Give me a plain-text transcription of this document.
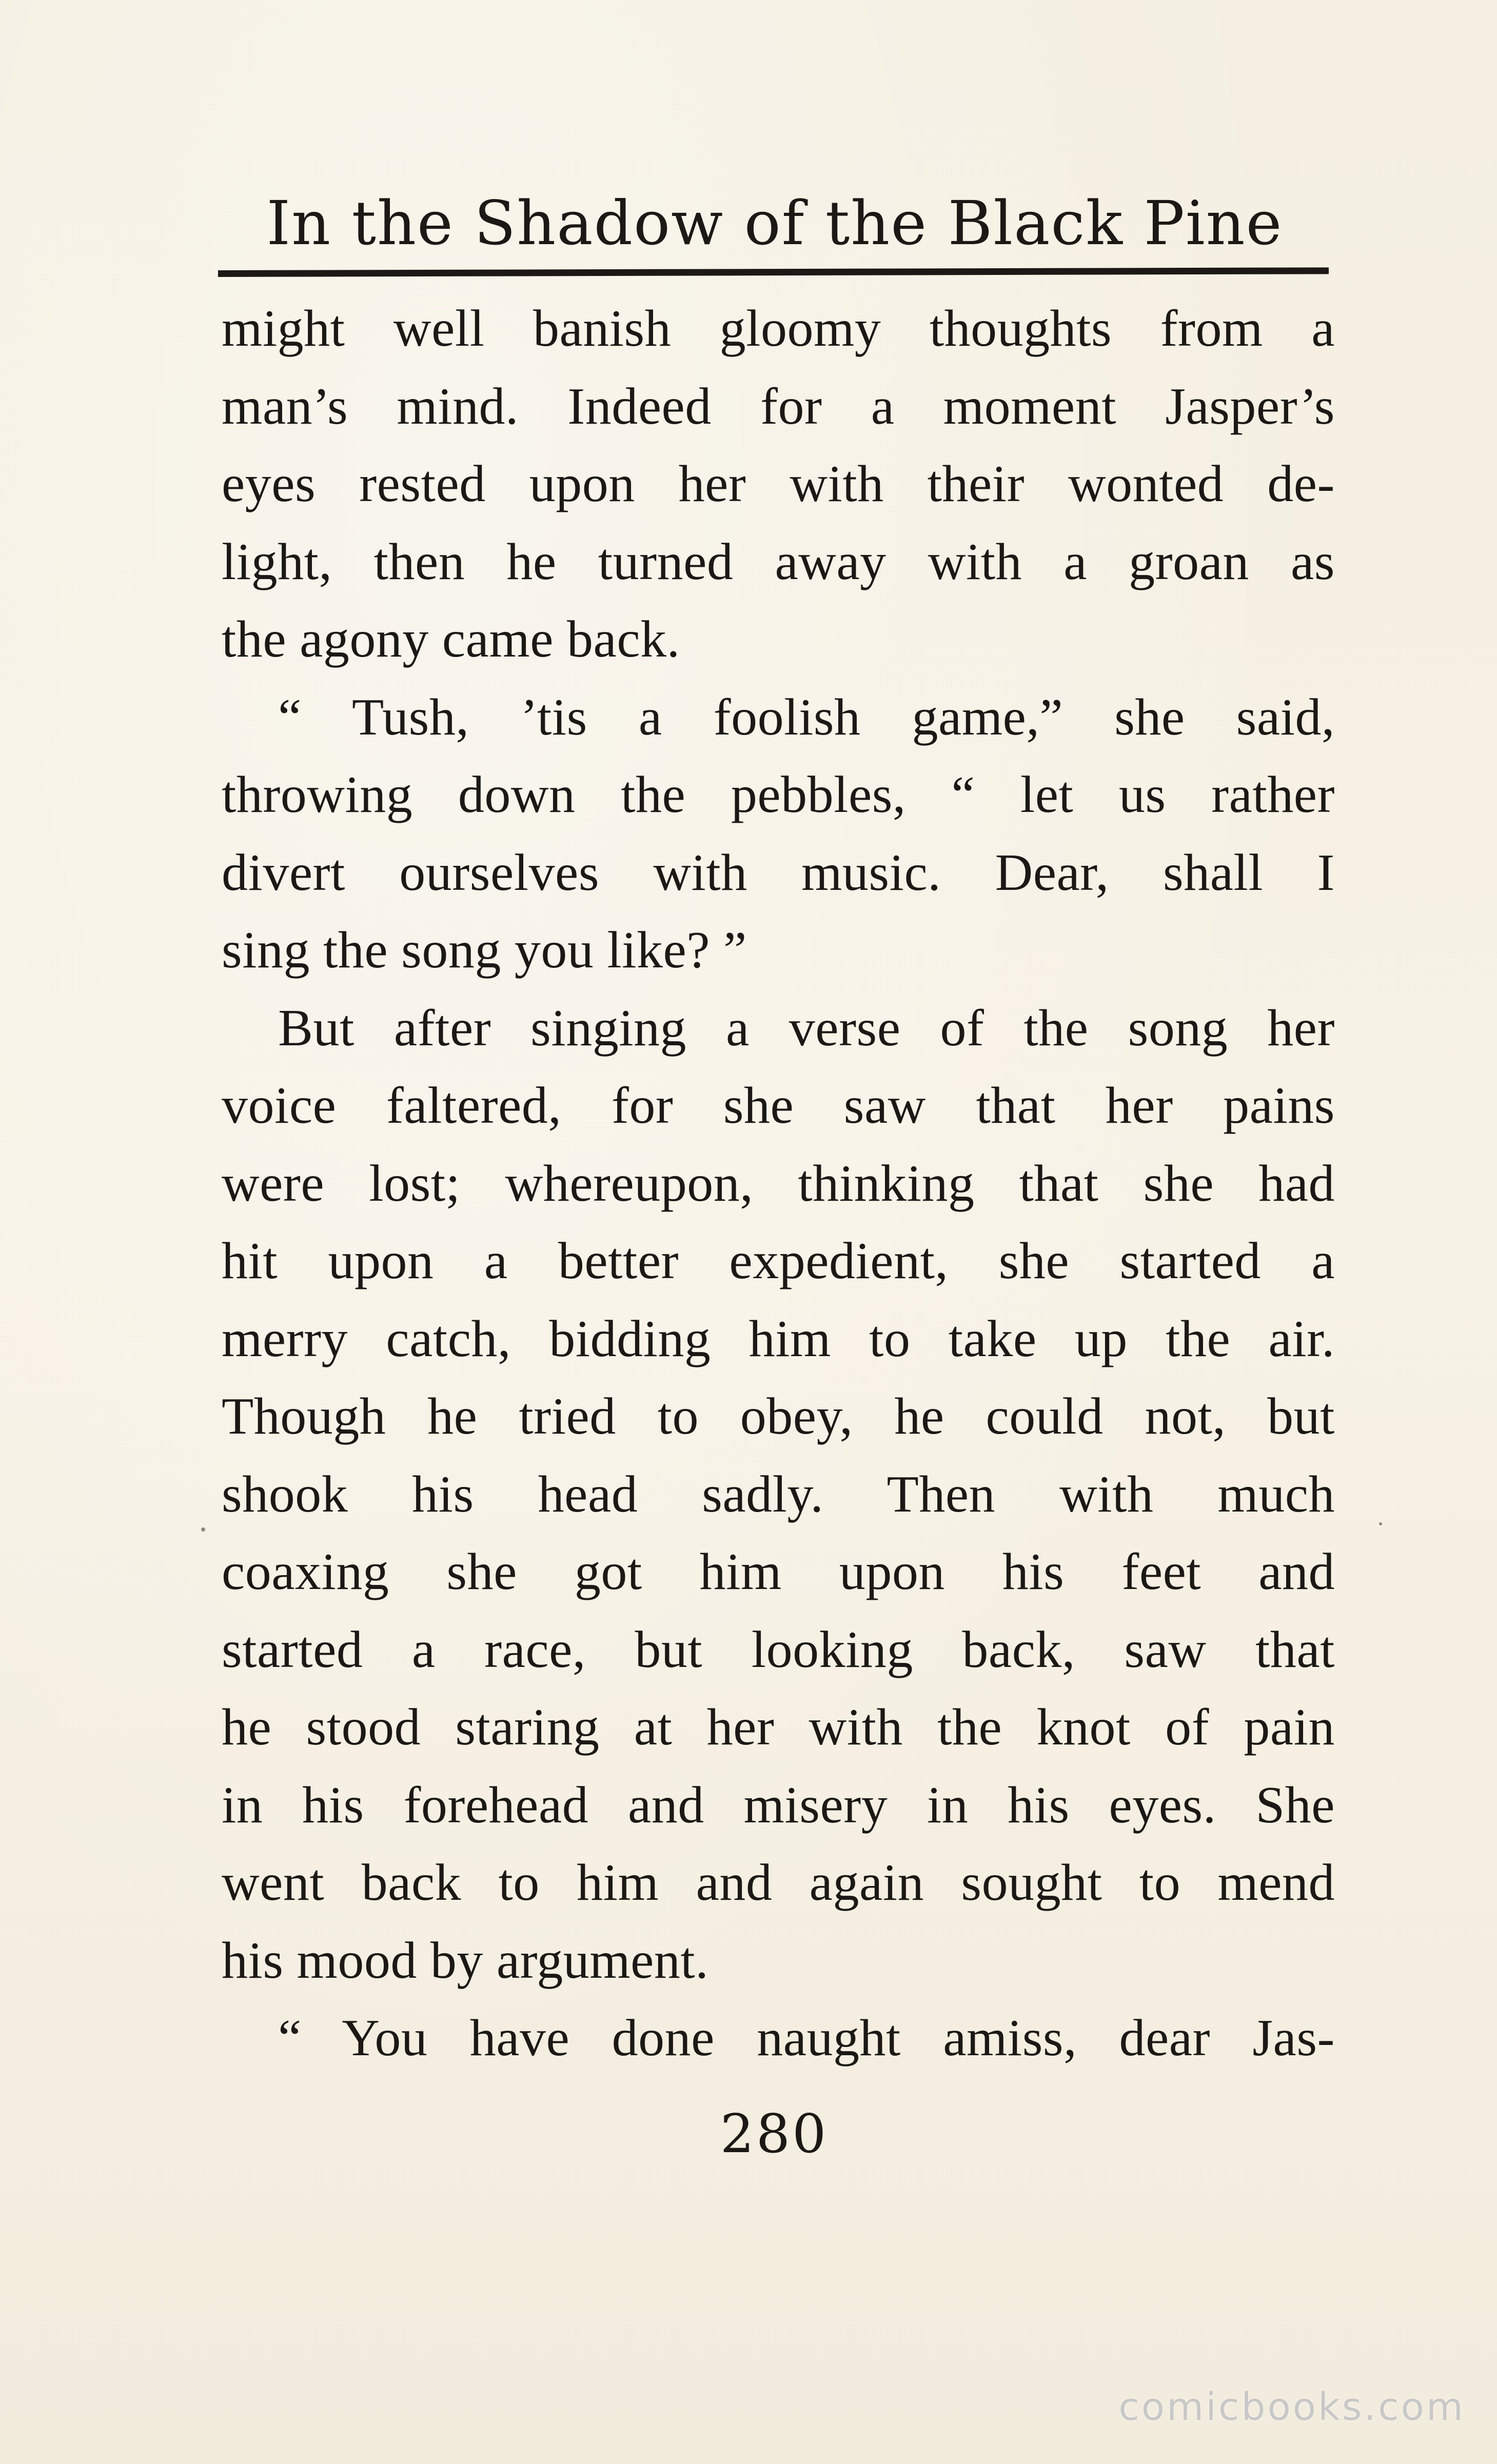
In the Shadow of the Black Pine
might well banish gloomy thoughts from a
man’s mind. Indeed for a moment Jasper’s
eyes rested upon her with their wonted de-
light, then he turned away with a groan as
the agony came back.
“ Tush, ’tis a foolish game,” she said,
throwing down the pebbles, “ let us rather
divert ourselves with music. Dear, shall I
sing the song you like? ”
But after singing a verse of the song her
voice faltered, for she saw that her pains
were lost; whereupon, thinking that she had
hit upon a better expedient, she started a
merry catch, bidding him to take up the air.
Though he tried to obey, he could not, but
shook his head sadly. Then with much
coaxing she got him upon his feet and
started a race, but looking back, saw that
he stood staring at her with the knot of pain
in his forehead and misery in his eyes. She
went back to him and again sought to mend
his mood by argument.
“ You have done naught amiss, dear Jas-
280
comicbooks.com
